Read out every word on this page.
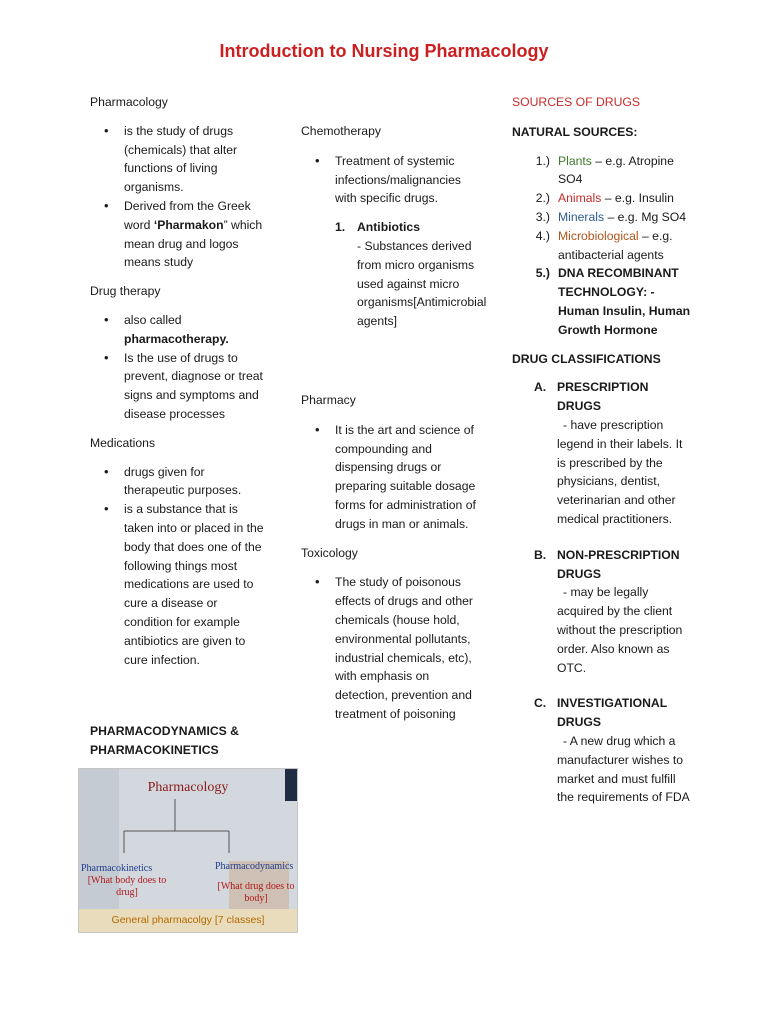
Introduction to Nursing Pharmacology
Pharmacology
• is the study of drugs (chemicals) that alter functions of living organisms.
• Derived from the Greek word ‘Pharmakon” which mean drug and logos means study
Drug therapy
• also called pharmacotherapy.
• Is the use of drugs to prevent, diagnose or treat signs and symptoms and disease processes
Medications
• drugs given for therapeutic purposes.
• is a substance that is taken into or placed in the body that does one of the following things most medications are used to cure a disease or condition for example antibiotics are given to cure infection.
PHARMACODYNAMICS & PHARMACOKINETICS
Pharmacology
Pharmacokinetics
[What body does to drug]
Pharmacodynamics
[What drug does to body]
General pharmacolgy [7 classes]
Chemotherapy
• Treatment of systemic infections/malignancies with specific drugs.
1. Antibiotics
- Substances derived from micro organisms used against micro organisms[Antimicrobial agents]
Pharmacy
• It is the art and science of compounding and dispensing drugs or preparing suitable dosage forms for administration of drugs in man or animals.
Toxicology
• The study of poisonous effects of drugs and other chemicals (house hold, environmental pollutants, industrial chemicals, etc), with emphasis on detection, prevention and treatment of poisoning
SOURCES OF DRUGS
NATURAL SOURCES:
1.) Plants – e.g. Atropine SO4
2.) Animals – e.g. Insulin
3.) Minerals – e.g. Mg SO4
4.) Microbiological – e.g. antibacterial agents
5.) DNA RECOMBINANT TECHNOLOGY: - Human Insulin, Human Growth Hormone
DRUG CLASSIFICATIONS
A. PRESCRIPTION DRUGS
- have prescription legend in their labels. It is prescribed by the physicians, dentist, veterinarian and other medical practitioners.
B. NON-PRESCRIPTION DRUGS
- may be legally acquired by the client without the prescription order. Also known as OTC.
C. INVESTIGATIONAL DRUGS
- A new drug which a manufacturer wishes to market and must fulfill the requirements of FDA
